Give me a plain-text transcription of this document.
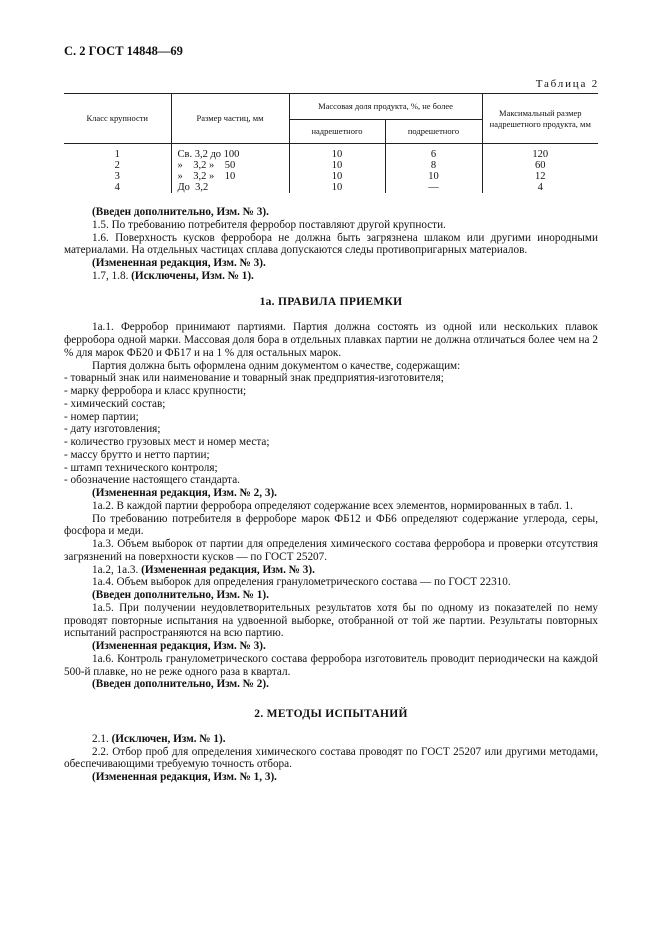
С. 2 ГОСТ 14848—69
Таблица 2
Класс крупности	Размер частиц, мм	Массовая доля продукта, %, не более		Максимальный размер надрешетного продукта, мм
		надрешетного	подрешетного	
1	Св. 3,2 до 100	10	6	120
2	»    3,2 »    50	10	8	60
3	»    3,2 »    10	10	10	12
4	До  3,2	10	—	4

(Введен дополнительно, Изм. № 3).

1.5. По требованию потребителя ферробор поставляют другой крупности.

1.6. Поверхность кусков ферробора не должна быть загрязнена шлаком или другими инородными материалами. На отдельных частицах сплава допускаются следы противопригарных материалов.

(Измененная редакция, Изм. № 3).

1.7, 1.8. (Исключены, Изм. № 1).

1а. ПРАВИЛА ПРИЕМКИ

1а.1. Ферробор принимают партиями. Партия должна состоять из одной или нескольких плавок ферробора одной марки. Массовая доля бора в отдельных плавках партии не должна отличаться более чем на 2 % для марок ФБ20 и ФБ17 и на 1 % для остальных марок.

Партия должна быть оформлена одним документом о качестве, содержащим:

- товарный знак или наименование и товарный знак предприятия-изготовителя;

- марку ферробора и класс крупности;

- химический состав;

- номер партии;

- дату изготовления;

- количество грузовых мест и номер места;

- массу брутто и нетто партии;

- штамп технического контроля;

- обозначение настоящего стандарта.

(Измененная редакция, Изм. № 2, 3).

1а.2. В каждой партии ферробора определяют содержание всех элементов, нормированных в табл. 1.

По требованию потребителя в ферроборе марок ФБ12 и ФБ6 определяют содержание углерода, серы, фосфора и меди.

1а.3. Объем выборок от партии для определения химического состава ферробора и проверки отсутствия загрязнений на поверхности кусков — по ГОСТ 25207.

1а.2, 1а.3. (Измененная редакция, Изм. № 3).

1а.4. Объем выборок для определения гранулометрического состава — по ГОСТ 22310.

(Введен дополнительно, Изм. № 1).

1а.5. При получении неудовлетворительных результатов хотя бы по одному из показателей по нему проводят повторные испытания на удвоенной выборке, отобранной от той же партии. Результаты повторных испытаний распространяются на всю партию.

(Измененная редакция, Изм. № 3).

1а.6. Контроль гранулометрического состава ферробора изготовитель проводит периодически на каждой 500-й плавке, но не реже одного раза в квартал.

(Введен дополнительно, Изм. № 2).

2. МЕТОДЫ ИСПЫТАНИЙ

2.1. (Исключен, Изм. № 1).

2.2. Отбор проб для определения химического состава проводят по ГОСТ 25207 или другими методами, обеспечивающими требуемую точность отбора.

(Измененная редакция, Изм. № 1, 3).
